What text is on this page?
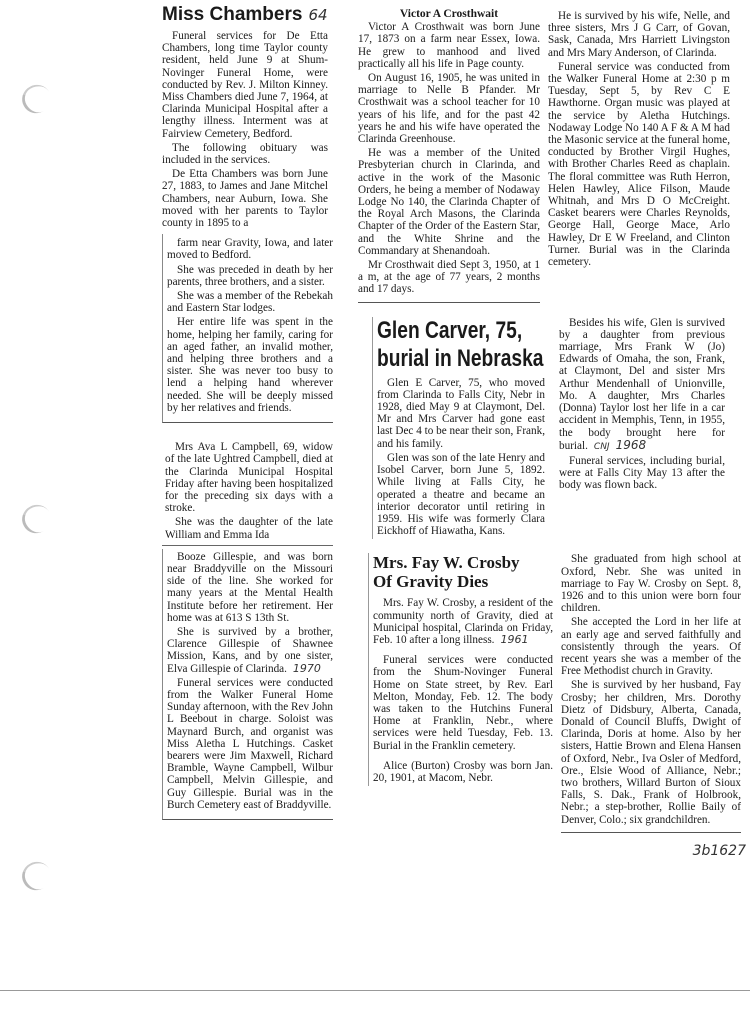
Miss Chambers 64

Funeral services for De Etta Chambers, long time Taylor county resident, held June 9 at Shum-Novinger Funeral Home, were conducted by Rev. J. Milton Kinney. Miss Chambers died June 7, 1964, at Clarinda Municipal Hospital after a lengthy illness. Interment was at Fairview Cemetery, Bedford.

The following obituary was included in the services.

De Etta Chambers was born June 27, 1883, to James and Jane Mitchel Chambers, near Auburn, Iowa. She moved with her parents to Taylor county in 1895 to a

farm near Gravity, Iowa, and later moved to Bedford.

She was preceded in death by her parents, three brothers, and a sister.

She was a member of the Rebekah and Eastern Star lodges.

Her entire life was spent in the home, helping her family, caring for an aged father, an invalid mother, and helping three brothers and a sister. She was never too busy to lend a helping hand wherever needed. She will be deeply missed by her relatives and friends.

Mrs Ava L Campbell, 69, widow of the late Ughtred Campbell, died at the Clarinda Municipal Hospital Friday after having been hospitalized for the preceding six days with a stroke.

She was the daughter of the late William and Emma Ida

Booze Gillespie, and was born near Braddyville on the Missouri side of the line. She worked for many years at the Mental Health Institute before her retirement. Her home was at 613 S 13th St.

She is survived by a brother, Clarence Gillespie of Shawnee Mission, Kans, and by one sister, Elva Gillespie of Clarinda. 1970

Funeral services were conducted from the Walker Funeral Home Sunday afternoon, with the Rev John L Beebout in charge. Soloist was Maynard Burch, and organist was Miss Aletha L Hutchings. Casket bearers were Jim Maxwell, Richard Bramble, Wayne Campbell, Wilbur Campbell, Melvin Gillespie, and Guy Gillespie. Burial was in the Burch Cemetery east of Braddyville.

Victor A Crosthwait

Victor A Crosthwait was born June 17, 1873 on a farm near Essex, Iowa. He grew to manhood and lived practically all his life in Page county.

On August 16, 1905, he was united in marriage to Nelle B Pfander. Mr Crosthwait was a school teacher for 10 years of his life, and for the past 42 years he and his wife have operated the Clarinda Greenhouse.

He was a member of the United Presbyterian church in Clarinda, and active in the work of the Masonic Orders, he being a member of Nodaway Lodge No 140, the Clarinda Chapter of the Royal Arch Masons, the Clarinda Chapter of the Order of the Eastern Star, and the White Shrine and the Commandary at Shenandoah.

Mr Crosthwait died Sept 3, 1950, at 1 a m, at the age of 77 years, 2 months and 17 days.

He is survived by his wife, Nelle, and three sisters, Mrs J G Carr, of Govan, Sask, Canada, Mrs Harriett Livingston and Mrs Mary Anderson, of Clarinda.

Funeral service was conducted from the Walker Funeral Home at 2:30 p m Tuesday, Sept 5, by Rev C E Hawthorne. Organ music was played at the service by Aletha Hutchings. Nodaway Lodge No 140 A F & A M had the Masonic service at the funeral home, conducted by Brother Virgil Hughes, with Brother Charles Reed as chaplain. The floral committee was Ruth Herron, Helen Hawley, Alice Filson, Maude Whitnah, and Mrs D O McCreight. Casket bearers were Charles Reynolds, George Hall, George Mace, Arlo Hawley, Dr E W Freeland, and Clinton Turner. Burial was in the Clarinda cemetery.

Glen Carver, 75,
burial in Nebraska

Glen E Carver, 75, who moved from Clarinda to Falls City, Nebr in 1928, died May 9 at Claymont, Del. Mr and Mrs Carver had gone east last Dec 4 to be near their son, Frank, and his family.

Glen was son of the late Henry and Isobel Carver, born June 5, 1892. While living at Falls City, he operated a theatre and became an interior decorator until retiring in 1959. His wife was formerly Clara Eickhoff of Hiawatha, Kans.

Besides his wife, Glen is survived by a daughter from previous marriage, Mrs Frank W (Jo) Edwards of Omaha, the son, Frank, at Claymont, Del and sister Mrs Arthur Mendenhall of Unionville, Mo. A daughter, Mrs Charles (Donna) Taylor lost her life in a car accident in Memphis, Tenn, in 1955, the body brought here for burial. CNJ 1968

Funeral services, including burial, were at Falls City May 13 after the body was flown back.

Mrs. Fay W. Crosby
Of Gravity Dies

Mrs. Fay W. Crosby, a resident of the community north of Gravity, died at Municipal hospital, Clarinda on Friday, Feb. 10 after a long illness. 1961

Funeral services were conducted from the Shum-Novinger Funeral Home on State street, by Rev. Earl Melton, Monday, Feb. 12. The body was taken to the Hutchins Funeral Home at Franklin, Nebr., where services were held Tuesday, Feb. 13. Burial in the Franklin cemetery.

Alice (Burton) Crosby was born Jan. 20, 1901, at Macom, Nebr.

She graduated from high school at Oxford, Nebr. She was united in marriage to Fay W. Crosby on Sept. 8, 1926 and to this union were born four children.

She accepted the Lord in her life at an early age and served faithfully and consistently through the years. Of recent years she was a member of the Free Methodist church in Gravity.

She is survived by her husband, Fay Crosby; her children, Mrs. Dorothy Dietz of Didsbury, Alberta, Canada, Donald of Council Bluffs, Dwight of Clarinda, Doris at home. Also by her sisters, Hattie Brown and Elena Hansen of Oxford, Nebr., Iva Osler of Medford, Ore., Elsie Wood of Alliance, Nebr.; two brothers, Willard Burton of Sioux Falls, S. Dak., Frank of Holbrook, Nebr.; a step-brother, Rollie Baily of Denver, Colo.; six grandchildren.

3b1627
